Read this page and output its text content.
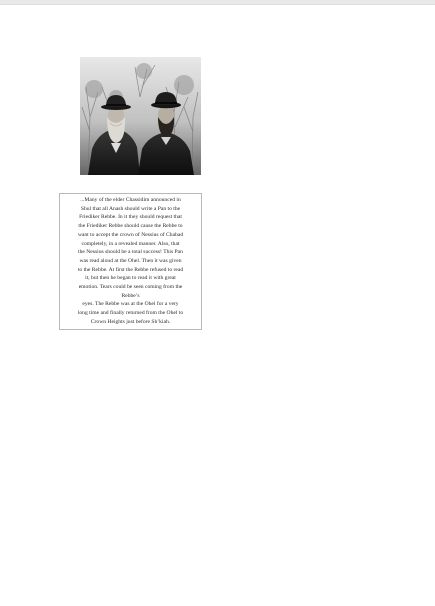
...Many of the elder Chassidim announced in
Shul that all Anash should write a Pan to the
Friediker Rebbe. In it they should request that
the Friediker Rebbe should cause the Rebbe to
want to accept the crown of Nessius of Chabad
completely, in a revealed manner. Also, that
the Nessius should be a total success! This Pan
was read aloud at the Ohel. Then it was given
to the Rebbe. At first the Rebbe refused to read
it, but then he began to read it with great
emotion. Tears could be seen coming from the
Rebbe’s
eyes. The Rebbe was at the Ohel for a very
long time and finally returned from the Ohel to
Crown Heights just before Sh’kiah.
